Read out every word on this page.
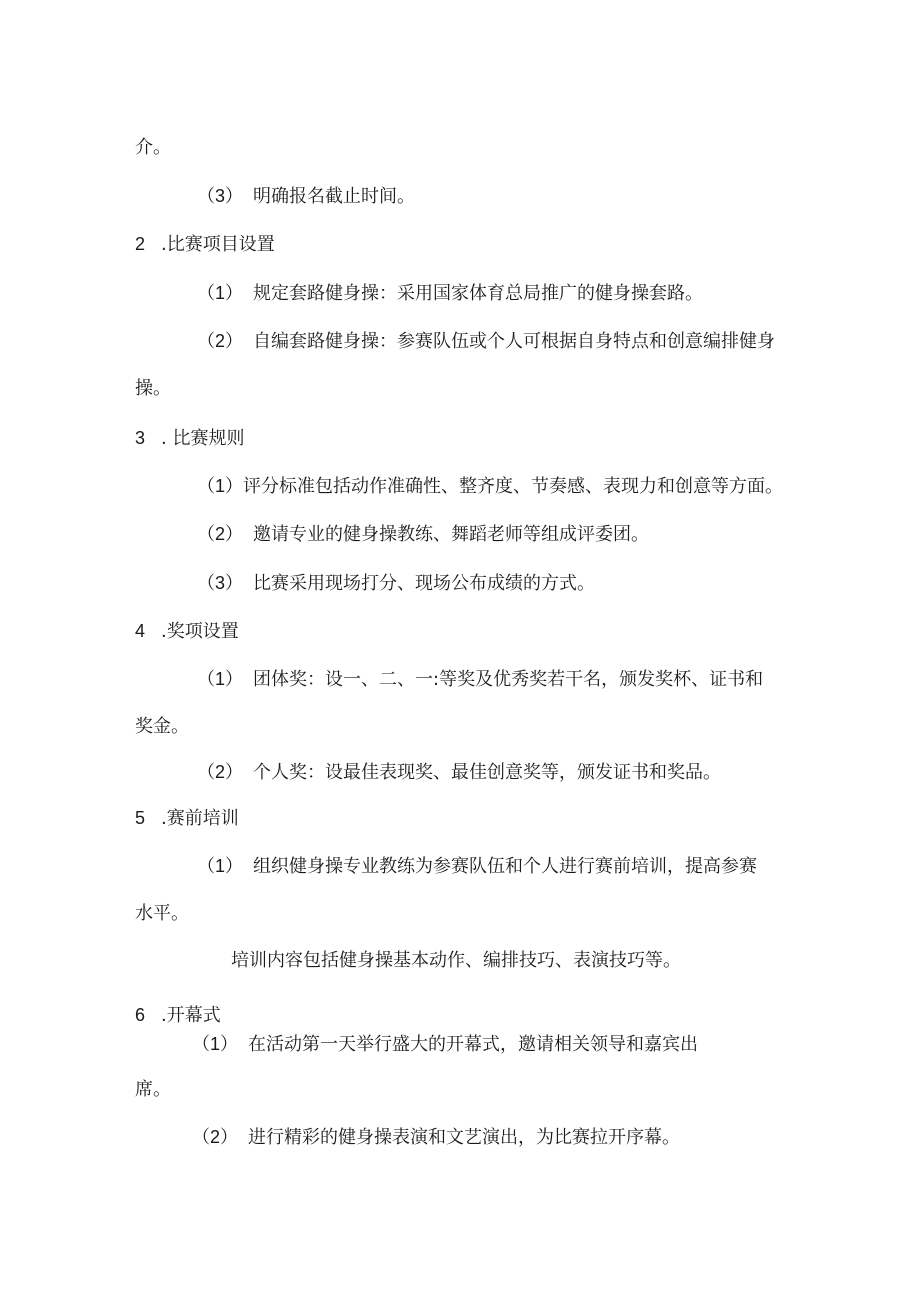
介。
（3） 明确报名截止时间。
2 .比赛项目设置
（1） 规定套路健身操：采用国家体育总局推广的健身操套路。
（2） 自编套路健身操：参赛队伍或个人可根据自身特点和创意编排健身
操。
3 . 比赛规则
（1）评分标准包括动作准确性、整齐度、节奏感、表现力和创意等方面。
（2） 邀请专业的健身操教练、舞蹈老师等组成评委团。
（3） 比赛采用现场打分、现场公布成绩的方式。
4 .奖项设置
（1） 团体奖：设一、二、一:等奖及优秀奖若干名，颁发奖杯、证书和
奖金。
（2） 个人奖：设最佳表现奖、最佳创意奖等，颁发证书和奖品。
5 .赛前培训
（1） 组织健身操专业教练为参赛队伍和个人进行赛前培训，提高参赛
水平。
培训内容包括健身操基本动作、编排技巧、表演技巧等。
6 .开幕式
（1） 在活动第一天举行盛大的开幕式，邀请相关领导和嘉宾出
席。
（2） 进行精彩的健身操表演和文艺演出，为比赛拉开序幕。
